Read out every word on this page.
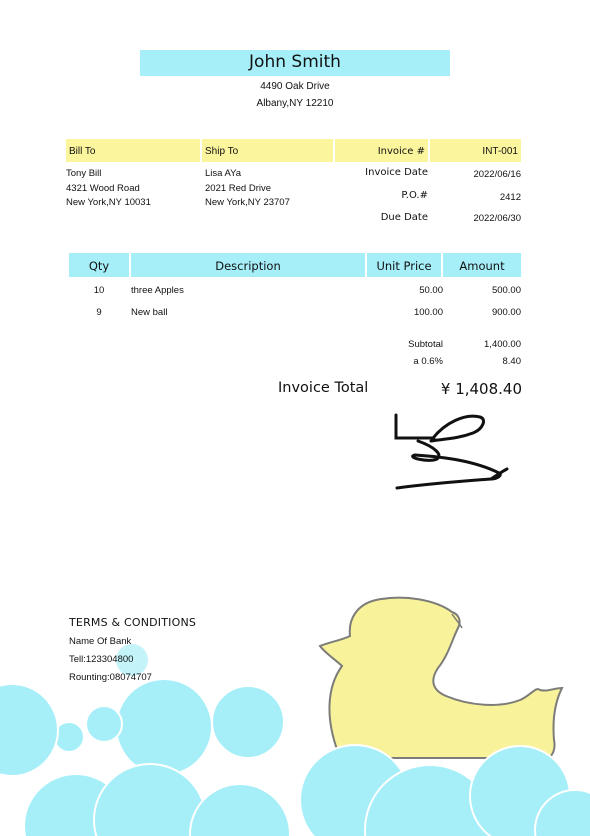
John Smith
4490 Oak Drive
Albany,NY 12210
Bill To	Ship To	Invoice #	INT-001
Tony Bill
4321 Wood Road
New York,NY 10031
Lisa AYa
2021 Red Drive
New York,NY 23707
Invoice Date	2022/06/16
P.O.#	2412
Due Date	2022/06/30
Qty	Description	Unit Price	Amount
10	three Apples	50.00	500.00
9	New ball	100.00	900.00
Subtotal	1,400.00
a 0.6%	8.40
Invoice Total	¥ 1,408.40
TERMS & CONDITIONS
Name Of Bank
Tell:123304800
Rounting:08074707
